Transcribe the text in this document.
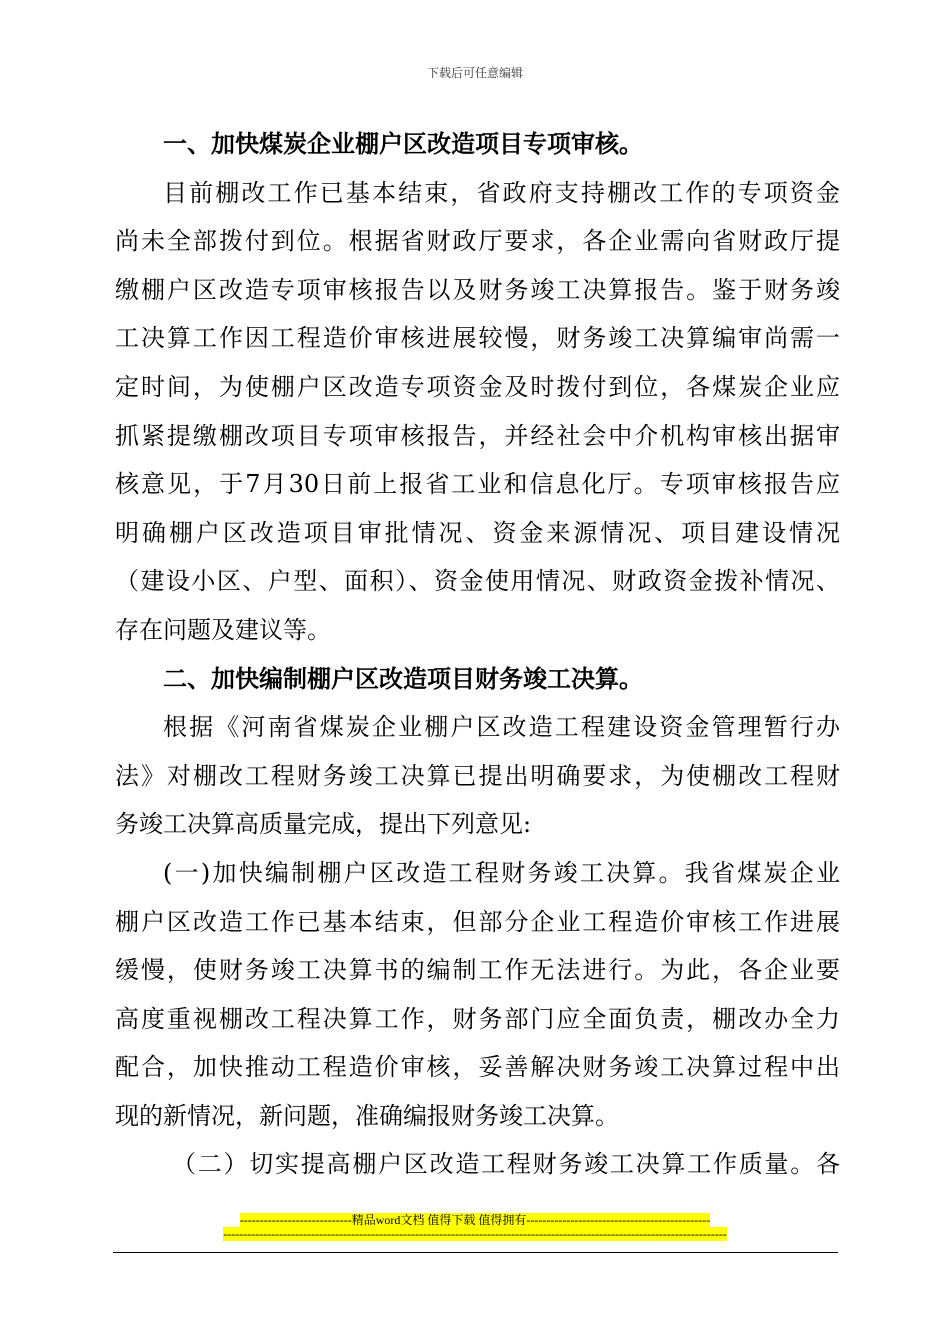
下载后可任意编辑
一、加快煤炭企业棚户区改造项目专项审核。
目前棚改工作已基本结束，省政府支持棚改工作的专项资金
尚未全部拨付到位。根据省财政厅要求，各企业需向省财政厅提
缴棚户区改造专项审核报告以及财务竣工决算报告。鉴于财务竣
工决算工作因工程造价审核进展较慢，财务竣工决算编审尚需一
定时间，为使棚户区改造专项资金及时拨付到位，各煤炭企业应
抓紧提缴棚改项目专项审核报告，并经社会中介机构审核出据审
核意见，于7月30日前上报省工业和信息化厅。专项审核报告应
明确棚户区改造项目审批情况、资金来源情况、项目建设情况
（建设小区、户型、面积）、资金使用情况、财政资金拨补情况、
存在问题及建议等。
二、加快编制棚户区改造项目财务竣工决算。
根据《河南省煤炭企业棚户区改造工程建设资金管理暂行办
法》对棚改工程财务竣工决算已提出明确要求，为使棚改工程财
务竣工决算高质量完成，提出下列意见:
(一)加快编制棚户区改造工程财务竣工决算。我省煤炭企业
棚户区改造工作已基本结束，但部分企业工程造价审核工作进展
缓慢，使财务竣工决算书的编制工作无法进行。为此，各企业要
高度重视棚改工程决算工作，财务部门应全面负责，棚改办全力
配合，加快推动工程造价审核，妥善解决财务竣工决算过程中出
现的新情况，新问题，准确编报财务竣工决算。
（二）切实提高棚户区改造工程财务竣工决算工作质量。各
----------------------------精品word文档 值得下载 值得拥有----------------------------------------------
------------------------------------------------------------------------------------------------------------------------------
